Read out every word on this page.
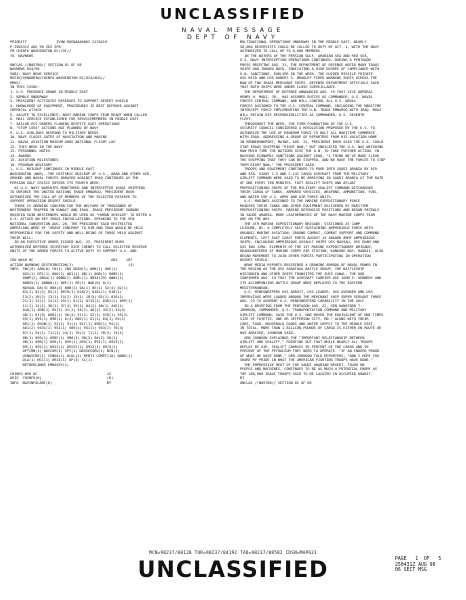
UNCLASSIFIED
NAVAL MESSAGE
DEPT OF NAVY
PRIORITY              ZYUW RUENAAA0062 2170419
P 250431Z AUG 90 ZEX ZFB
FM CHINFO WASHINGTON DC//OI//
TO  NAVNEWS
UNCLAS //N05780// SECTION 01 OF 05
NAVNEWS 034/90
SUBJ: NAVY NEWS SERVICE
MSGID/GENADMIN/CHINFO WASHINGTON DC/OI4/AUG//
RMKS/
IN THIS ISSUE:
1. U.S. PRESENCE GROWS IN MIDDLE EAST
2. NIMBLE UNDERWAY
3. PRESIDENT ACTIVATES RESERVES TO SUPPORT DESERT SHIELD
4. KNOWLEDGE OF EQUIPMENT, PROCEDURES IS BEST DEFENSE AGAINST
CHEMICAL ATTACK
5. SALUTE TO EXCELLENCE: NAVY-MARINE CORPS TEAM READY WHEN CALLED
6. MAIL SERVICE ESTABLISHED FOR SERVICEMEMBERS IN MIDDLE EAST
7. SAILOR PCS ORDERS FLOWING DESPITE EAST OPERATIONS
8. "STOP LOSS" ACTIONS NOT PLANNED BY NAVY
9. U.S. AIRLINES RESPOND TO MILITARY NEEDS
10. NAVY CLOSES GATES AT NAVSTATION AND MARINE
11. NAVAL AVIATION MUSEUM ADDS NATIONAL FLIGHT LOG
12. THIS WEEK IN THE NAVY
13. PERSONNEL NOTES
14. AWARDS
15. AVIATION MILESTONES
16. PROGRAM ADVISORY
1. U.S. BUILDUP CONTINUES IN MIDDLE EAST
WASHINGTON (NNS)--THE HISTORIC BUILDUP OF U.S., ARAB AND OTHER AIR,
GROUND AND NAVAL FORCES ARRAYED AGAINST IRAQ CONTINUES AS THE
PERSIAN GULF CRISIS ENTERS ITS FOURTH WEEK.
AS U.S. NAVY WARSHIPS MONITORED AND INTERCEPTED IRAQI SHIPPING
TO ENFORCE THE UNITED NATIONS TRADE EMBARGO, PRESIDENT BUSH
AUTHORIZED THE CALL-UP OF MEMBERS OF THE SELECTED RESERVE TO
SUPPORT OPERATION DESERT SHIELD.
THERE IS GROWING CONCERN FOR THE WELFARE OF THOUSANDS OF
WESTERNERS TRAPPED IN KUWAIT AND IRAQ. IRAQI PRESIDENT SADDAM
HUSSEIN SAID WESTERNERS WOULD BE USED AS "HUMAN SHIELDS" TO DETER A
U.S. ATTACK ON KEY IRAQI INSTALLATIONS. SPEAKING TO THE VFW
NATIONAL CONVENTION AUG. 20, THE PRESIDENT SAID RESTRICTED
AMERICANS WERE OF "GRAVE CONCERN" TO HIM AND IRAQ WOULD BE HELD
RESPONSIBLE FOR THE SAFETY AND WELL-BEING OF THOSE HELD AGAINST
THEIR WILL.
IN AN EXECUTIVE ORDER ISSUED AUG. 22, PRESIDENT BUSH
AUTHORIZED DEFENSE SECRETARY DICK CHENEY TO CALL SELECTED RESERVE
UNITS OF THE ARMED FORCES TO ACTIVE DUTY TO SUPPORT U.S. AND
CHO WASH DC                                     ADV    107
ACTION NAVNEWS DISTRIBUTION(1)                          (4)
INFO  SNC(0) AAN(0) CN(1) CNO GBIN(1) 00N(1) 00E(1)
0G2(1) OP1(1) 006(1) 0D1(1) 0B(1) 00B(1) 00BE(1)
00BP(2) 0BA4(1) 00BN(2) 00BL(1) 0B34(29) 0WB1(1)
00BS5(1) 00B00(1) 00F(1) 09(1) NAD(0) 0(1)
NAVGAL DA(4) 0BA(4) 00B(1) 0A(1) 0E(1) 52(4) 02(1)
83(1) 01(2) 05(1) 0978(1) 018(2) 0181(1) 018(1)
13(2) 10(2) 13(1) 14(2) 15(1) 18(5) 02(1) 028(1)
21(1) 22(1) 23(1) 29(1) 61(2) 0715(1) 0301(1) 05P(1)
11(1) 12(1) 36(1) 37(4) 39(1) 04(2) 08(1) 44E(1)
04A(1) 4DN(1) 65(1) 41(1) 45(1) 46(1) 43(2) 44(4)
40(1) 01(9) 0081(1) 56(4) 51(1) 52(1) 570(1) 55(2)
59(1) 091(1) 098(1) 6(4) 60E(1) 61(1) 64(1) 65(2)
081(1) 094B(1) 92(1) 91(1) 01T(1) 09B(1) 94(1)
A01(2) 9431(1) 951(1) V09(1) 941(1) 943(2) 76(4)
87(1) 94(1) 711(1) 24(1) 76(2) 71(1) 78(3) 74(1)
0B(1) 099(1) 098F(1) 9B0(1) 98(2) 90(2) 58(1)
9B(1) 09B(1) 098(1) 099(1) 095(1) 091(1) 0925(1)
09(1) 092(1) 0922(1) 0922F(1) 0923(1) 0974(1)
OPTCMN(1) NAVCOM(1) SPT(1) NAVSECGRU(1) NCN(1)
USNAVCNS(1) CENDA(1) ULUL(1) MENT1 COMPT(10) NANS(1)
DLA(1) NCC(1) 09Z4(1) OP(2) SC(1)
NETHERLANDS EMBASSY(1)
CHINFO WSH DC                                 12
ORIG  CHINFO(6)                               (6)
INFO  NAVINFOLANT(6)                          BT
MULTINATIONAL OPERATIONS UNDERWAY IN THE MIDDLE EAST. NEARLY
50,000 RESERVISTS COULD BE CALLED TO DUTY BY OCT. 1, WITH THE NAVY
AUTHORIZED TO CALL UP TO 6,000 MEMBERS.
IN THE WATERS OF THE PERSIAN GULF, ARABIAN SEA AND RED SEA,
U.S. NAVY INTERCEPTION OPERATIONS CONTINUED. DURING A PENTAGON
PRESS BRIEFING AUG. 21, THE DEPARTMENT OF DEFENSE NOTED MANY IRAQI
SHIPS HAD TURNED BACK, INDICATING A HIGH DEGREE OF COMPLIANCE WITH
U.N. SANCTIONS. EARLIER IN THE WEEK, THE GUIDED MISSILE FRIGATE
USS REID AND USS ROBERT G. BRADLEY FIRED WARNING SHOTS ACROSS THE
BOW OF TWO IRAQI MERCHANT SHIPS. DEFENSE DEPARTMENT OFFICIALS SAID
THAT BOTH SHIPS WERE UNDER CLOSE SURVEILLANCE.
THE DEPARTMENT OF DEFENSE ANNOUNCED AUG. 19 THAT VICE ADMIRAL
HENRY H. MAUZ, JR., HAS ASSUMED DUTIES AS COMMANDER, U.S. NAVAL
FORCES CENTRAL COMMAND, AND WILL CONTROL ALL U.S. NAVAL
FORCES ASSIGNED TO THE U.S. CENTRAL COMMAND, INCLUDING THE MARITIME
INTERCEPT FORCE IMPLEMENTING THE U.N. TRADE EMBARGO WITH IRAQ. MAUZ
WILL RETAIN HIS RESPONSIBILITIES AS COMMANDER, U.S. SEVENTH
FLEET.
THROUGHOUT THE WEEK, THE FIRM FOUNDATION OF THE U.S.
SECURITY COUNCIL CONSIDERED A RESOLUTION PROPOSED BY THE U.S. TO
AUTHORIZE THE USE OF MINIMUM FORCE TO HALT ALL MARITIME COMMERCE
WITH IRAQ. ADDRESSING A GROUP OF REPORTERS FROM HIS VACATION HOME
IN KENNEBUNKPORT, MAINE, AUG. 22, PRESIDENT BUSH SAID THE U.S. COULD
STOP IRAQI SHIPPING "RIGHT NOW," BUT INDICATED THE U.S. WAS WEIGHING
HOW MUCH TIME THE NATIONS GIVE THE U.N. TO TAKE FURTHER ACTION. IN
BACKING ECONOMIC SANCTIONS AGAINST IRAQ, "I THINK WE'VE MADE CLEAR
THE SHIPPING THAT THEY CAN BE STOPPED, AND WE HAVE THE FORCES TO STOP
THEM RIGHT NOW," THE PRESIDENT SAID.
TROOPS AND EQUIPMENT CONTINUED TO POUR INTO SAUDI ARABIA BY AIR
AND SEA. GIANT C-5 AND C-141 CARGO AIRCRAFT FROM THE MILITARY
AIRLIFT COMMAND WERE SAID TO BE ARRIVING IN SAUDI ARABIA AT THE RATE
OF ONE EVERY TEN MINUTES. FAST SEALIFT SHIPS AND AFLOAT
PREPOSITIONING SHIPS OF THE MILITARY SEALIFT COMMAND DISCHARGED
THEIR CARGO OF TANKS, ARMORED VEHICLES, WEAPONS, AMMUNITION, FUEL
AND WATER FOR U.S. ARMY AND AIR FORCE UNITS.
U.S. MARINES ASSIGNED TO THE MARINE EXPEDITIONARY FORCE
READIED THEIR TANKS AND OTHER EQUIPMENT DELIVERED BY MARITIME
PREPOSITIONING SHIPS. MARINE DEFENSIVE POSITIONS AND BEGAN PATROLS
IN SAUDI ARABIA. MORE LEATHERNECKS OF THE NAVY-MARINE CORPS TEAM
ARE ON THE WAY.
THE 4TH MARINE EXPEDITIONARY BRIGADE, STATIONED AT CAMP
LEJEUNE, NC, A COMPLETELY SELF-SUSTAINING AMPHIBIOUS FORCE WITH
ORGANIC MARINE AVIATION, GROUND COMBAT, COMBAT SUPPORT AND COMMAND
ELEMENTS, LEFT EAST COAST PORTS AUGUST 15 ABOARD ARMY AMPHIBIOUS
SHIPS, INCLUDING AMPHIBIOUS ASSAULT SHIPS USS NASSAU, USS GUAM AND
USS IWO JIMA. ELEMENTS OF THE 1ST MARINE EXPEDITIONARY BRIGADE,
HEADQUARTERED AT MARINE CORPS AIR STATION, KANEOHE BAY, HAWAII, ALSO
BEGAN MOVEMENT TO JOIN OTHER FORCES PARTICIPATING IN OPERATION
DESERT SHIELD.
NEWS MEDIA REPORTS DESCRIBED A GROWING ARMADA OF NAVAL POWER IN
THE REGION AS THE USS SARATOGA BATTLE GROUP, THE BATTLESHIP
WISCONSIN AND OTHER SHIPS TRANSITED THE SUEZ CANAL. THE OOD
CONFIRMED AUG. 19 THAT THE AIRCRAFT CARRIER USS JOHN F. KENNEDY AND
ITS ACCOMPANYING BATTLE GROUP WERE DEPLOYED TO THE EASTERN
MEDITERRANEAN.
U.S. MINESWEEPERS USS ADROIT, USS LEADER, USS AVENGER AND USS
IMPERVIOUS WERE LOADED ABOARD THE MERCHANT SHIP SUPER SERVANT THREE
AUG. 23 TO AUGMENT U.S. MINESWEEPING CAPABILITY IN THE GULF.
IN A BRIEFING FROM THE PENTAGON AUG. 22, GEN HANSFORD T.
JOHNSON, COMMANDER, U.S. TRANSPORTATION COMMAND AND MILITARY
AIRLIFT COMMAND, SAID THE U.S. HAD MOVED THE EQUIVALENT OF ONE TIMES
SIZE OF FAYETTE. ONE OR JEFFERSON CITY, MO." ALONG WITH THEIR
CARS, FOOD, HOUSEHOLD GOODS AND WATER SUPPLY TO THE MIDDLE EAST.
IN TOTAL, MORE THAN 1 BILLION POUNDS OF CARGO IS EITHER EN ROUTE OR
HAS ARRIVED, JOHNSON SAID.
GEN JOHNSON EXPLAINED THE "IMPORTANT RELATIONSHIP BETWEEN
AIRLIFT AND SEALIFT," POINTING OUT THAT WHILE NEARLY ALL TROOPS
DEPLOY BY AIR, SEALIFT CARRIES 95 PERCENT OF THE CARGO AND 99
PERCENT OF THE PETROLEUM THEY NEED TO OPERATE. "IF AN INDEED PROUD
OF WHAT WE HAVE DONE," GEN JOHNSON TOLD REPORTERS, "AND I HOPE YOU
SHARE MY PRIDE IN WHAT THE AMERICAN FIGHTING TROOPS HAVE DONE."
THE IMPRESSIVE HEAT OF THE SAUDI ARABIAN DESERT. TOUGH ON
PEOPLE AND MACHINES, CONTINUES TO BE AS MUCH A POTENTIAL ENEMY AS
THE 180,000 IRAQI TROOPS SAID TO BE LOCATED IN OCCUPIED KUWAIT.
BT
UNCLAS //N05780// SECTION 02 OF 05
MCN=90237/08128 TOR=90237/04192 TAD=90237/08582 CDSN=MAP631
UNCLASSIFIED	PAGE   1  OF   5
250431Z AUG 90
06 SECT MSG
